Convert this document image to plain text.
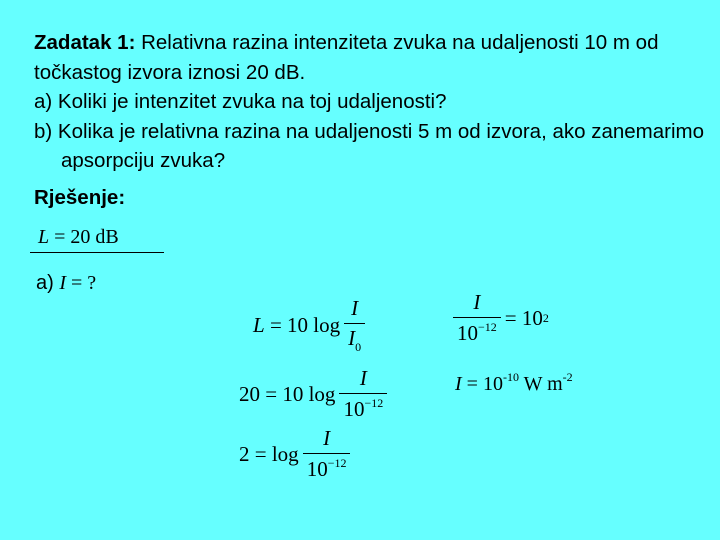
Zadatak 1: Relativna razina intenziteta zvuka na udaljenosti 10 m od točkastog izvora iznosi 20 dB.

a) Koliki je intenzitet zvuka na toj udaljenosti?

b) Kolika je relativna razina na udaljenosti 5 m od izvora, ako zanemarimo apsorpciju zvuka?

Rješenje:
L = 20 dB
a) I = ?
L
= 10 $\log \frac{I}{I_0}$
20
= 10 $\log \frac{I}{10^{-12}}$
2
= $\log \frac{I}{10^{-12}}$
$\frac{I}{10^{-12}} = 10$ 2
$I = 10^{-10}$ W $m^{-2}$
